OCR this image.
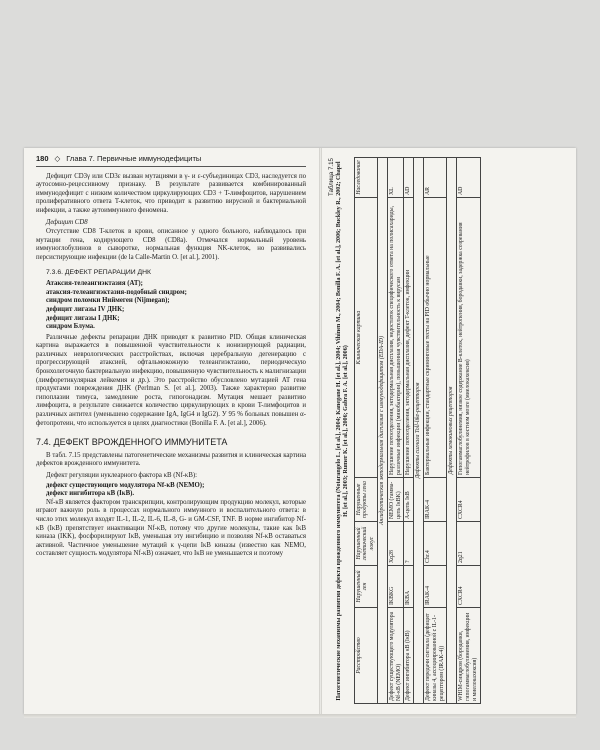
180 ◇ Глава 7. Первичные иммунодефициты

Дефицит CD3γ или CD3ε вызван мутациями в γ- и ε-субъединицах CD3, наследуется по аутосомно-рецессивному признаку. В результате развивается комбинированный иммунодефицит с низким количеством циркулирующих CD3 + T-лимфоцитов, нарушением пролиферативного ответа T-клеток, что приводит к развитию вирусной и бактериальной инфекции, а также аутоиммунного феномена.

Дефицит CD8

Отсутствие CD8 T-клеток в крови, описанное у одного больного, наблюдалось при мутации гена, кодирующего CD8 (CD8a). Отмечался нормальный уровень иммуноглобулинов в сыворотке, нормальная функция NK-клеток, но развивались персистирующие инфекции (de la Calle-Martin O. [et al.], 2001).

7.3.6. ДЕФЕКТ РЕПАРАЦИИ ДНК

Атаксия-телеангиэктазия (AT);

атаксия-телеангиэктазия-подобный синдром;

синдром поломки Ниймеген (Nijmegan);

дефицит лигазы IV ДНК;

дефицит лигазы I ДНК;

синдром Блума.

Различные дефекты репарации ДНК приводят к развитию PID. Общая клиническая картина выражается в повышенной чувствительности к ионизирующей радиации, различных неврологических расстройствах, включая церебральную дегенерацию с прогрессирующей атаксией, офтальмокожную телеангиэктазию, периодическую бронхолегочную бактериальную инфекцию, повышенную чувствительность к малигнизации (лимфоретикулярная лейкемия и др.). Это расстройство обусловлено мутацией AT гена продуктами повреждения ДНК (Perlman S. [et al.], 2003). Также характерно развитие гипоплазии тимуса, замедление роста, гипогонадизм. Мутация мешает развитию лимфоцита, в результате снижается количество циркулирующих в крови T-лимфоцитов и различных антител (уменьшено содержание IgA, IgG4 и IgG2). У 95 % больных повышен α-фетопротеин, что используется в целях диагностики (Bonilla F. A. [et al.], 2006).

7.4. ДЕФЕКТ ВРОЖДЕННОГО ИММУНИТЕТА

В табл. 7.15 представлены патогенетические механизмы развития и клиническая картина дефектов врожденного иммунитета.

Дефект регуляции нуклеарного фактора κB (Nf-κB):

дефект существующего модулятора Nf-κB (NEMO);

дефект ингибитора κB (IκB).

Nf-κB является фактором транскрипции, контролирующим продукцию молекул, которые играют важную роль в процессах нормального иммунного и воспалительного ответа: в число этих молекул входят IL-1, IL-2, IL-6, IL-8, G- и GM-CSF, TNF. В норме ингибитор Nf-κB (IκB) препятствует инактивации Nf-κB, потому что другие молекулы, такие как IκB киназа (IKK), фосфорилируют IκB, уменьшая эту ингибицию и позволяя Nf-κB оставаться активной. Частичное уменьшение мутаций к γ-цепи IκB киназы (известно как NEMO, составляет сущность модулятора Nf-κB) означает, что IκB не уменьшается и поэтому

Таблица 7.15 Патогенетические механизмы развития дефекта врожденного иммунитета (Notarangelo L. [et al.], 2004; Kanegane H. [et al.], 2004; Vihinen M., 2004; Bonilla F. A. [et al.], 2006; Buckley R., 2002; Chapel H. [et al.], 2003; Rumer K. [et al.], 2006; Gabra F. A. [et al.], 2006)
Расстройство	Нарушенный ген	Нарушенный генетический локус	Нарушенные продукты гена	Клиническая картина	Наследование
Ангидротическая эктодермальная дисплазия с иммунодефицитом (EDA-ID)					
Дефект существующего модулятора Nf-κB (NEMO)	IKBKG	Xq28	NEMO (гамма-цепь IκBK)	Нарушение потоотделения, эктодермальная дисплазия, недостаток специфического ответа на полисахариды, различные инфекции (микобактерии), повышенная чувствительность к вирусам	XL
Дефект ингибитора κB (IκB)	IKBA	?	A-цепь IκB	Нарушение потоотделения, эктодермальная дисплазия, дефект T-клеток, инфекции	AD
Дефекты сигнала Toll-like-рецепторов					
Дефект передачи сигнала (дефицит киназы 4, ассоциированной с IL-1-рецептором (IRAK-4))	IRAK-4	Chr.4	IRAK-4	Бактериальные инфекции, стандартные скрининговые тесты на PID обычно нормальные	AR
Дефекты хемокиновых рецепторов					
WHIM-синдром (бородавки, гипогаммаглобулинемия, инфекции и миелокахексия)	CXCR4	2q21	CXCR4	Гипогаммаглобулинемия, низкое содержание B-клеток, нейтропения, бородавки, задержка созревания нейтрофилов в костном мозге (миелокахексия)	AD
